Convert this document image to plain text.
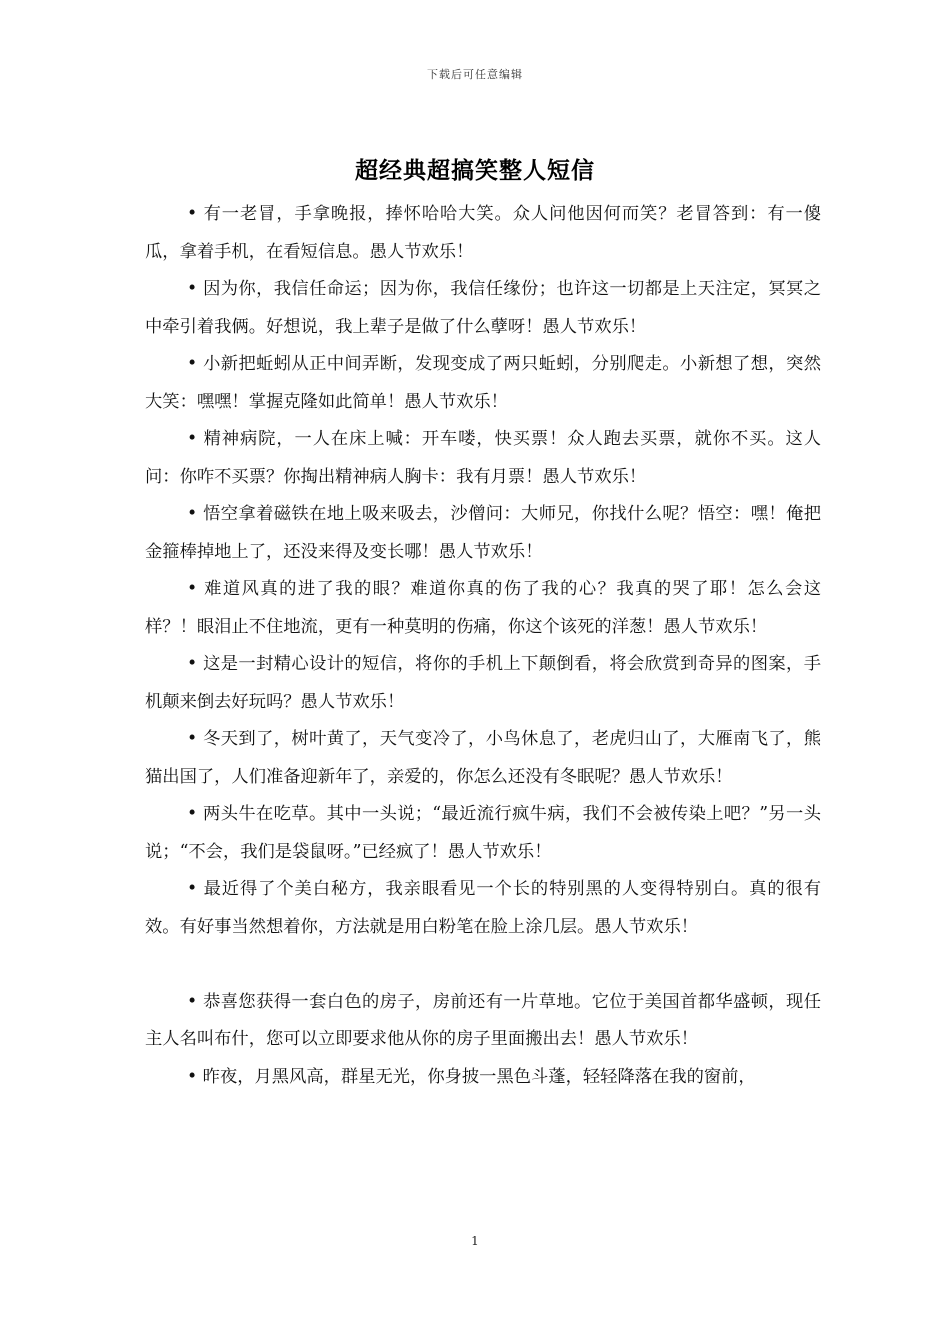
下载后可任意编辑
超经典超搞笑整人短信

• 有一老冒，手拿晚报，捧怀哈哈大笑。众人问他因何而笑？老冒答到：有一傻瓜，拿着手机，在看短信息。愚人节欢乐！

• 因为你，我信任命运；因为你，我信任缘份；也许这一切都是上天注定，冥冥之中牵引着我俩。好想说，我上辈子是做了什么孽呀！愚人节欢乐！

• 小新把蚯蚓从正中间弄断，发现变成了两只蚯蚓，分别爬走。小新想了想，突然大笑：嘿嘿！掌握克隆如此简单！愚人节欢乐！

• 精神病院，一人在床上喊：开车喽，快买票！众人跑去买票，就你不买。这人问：你咋不买票？你掏出精神病人胸卡：我有月票！愚人节欢乐！

• 悟空拿着磁铁在地上吸来吸去，沙僧问：大师兄，你找什么呢？悟空：嘿！俺把金箍棒掉地上了，还没来得及变长哪！愚人节欢乐！

• 难道风真的进了我的眼？难道你真的伤了我的心？我真的哭了耶！怎么会这样？！眼泪止不住地流，更有一种莫明的伤痛，你这个该死的洋葱！愚人节欢乐！

• 这是一封精心设计的短信，将你的手机上下颠倒看，将会欣赏到奇异的图案，手机颠来倒去好玩吗？愚人节欢乐！

• 冬天到了，树叶黄了，天气变冷了，小鸟休息了，老虎归山了，大雁南飞了，熊猫出国了，人们准备迎新年了，亲爱的，你怎么还没有冬眠呢？愚人节欢乐！

• 两头牛在吃草。其中一头说；“最近流行疯牛病，我们不会被传染上吧？”另一头说；“不会，我们是袋鼠呀。”已经疯了！愚人节欢乐！

• 最近得了个美白秘方，我亲眼看见一个长的特别黑的人变得特别白。真的很有效。有好事当然想着你，方法就是用白粉笔在脸上涂几层。愚人节欢乐！

• 恭喜您获得一套白色的房子，房前还有一片草地。它位于美国首都华盛顿，现任主人名叫布什，您可以立即要求他从你的房子里面搬出去！愚人节欢乐！

• 昨夜，月黑风高，群星无光，你身披一黑色斗蓬，轻轻降落在我的窗前，

1
